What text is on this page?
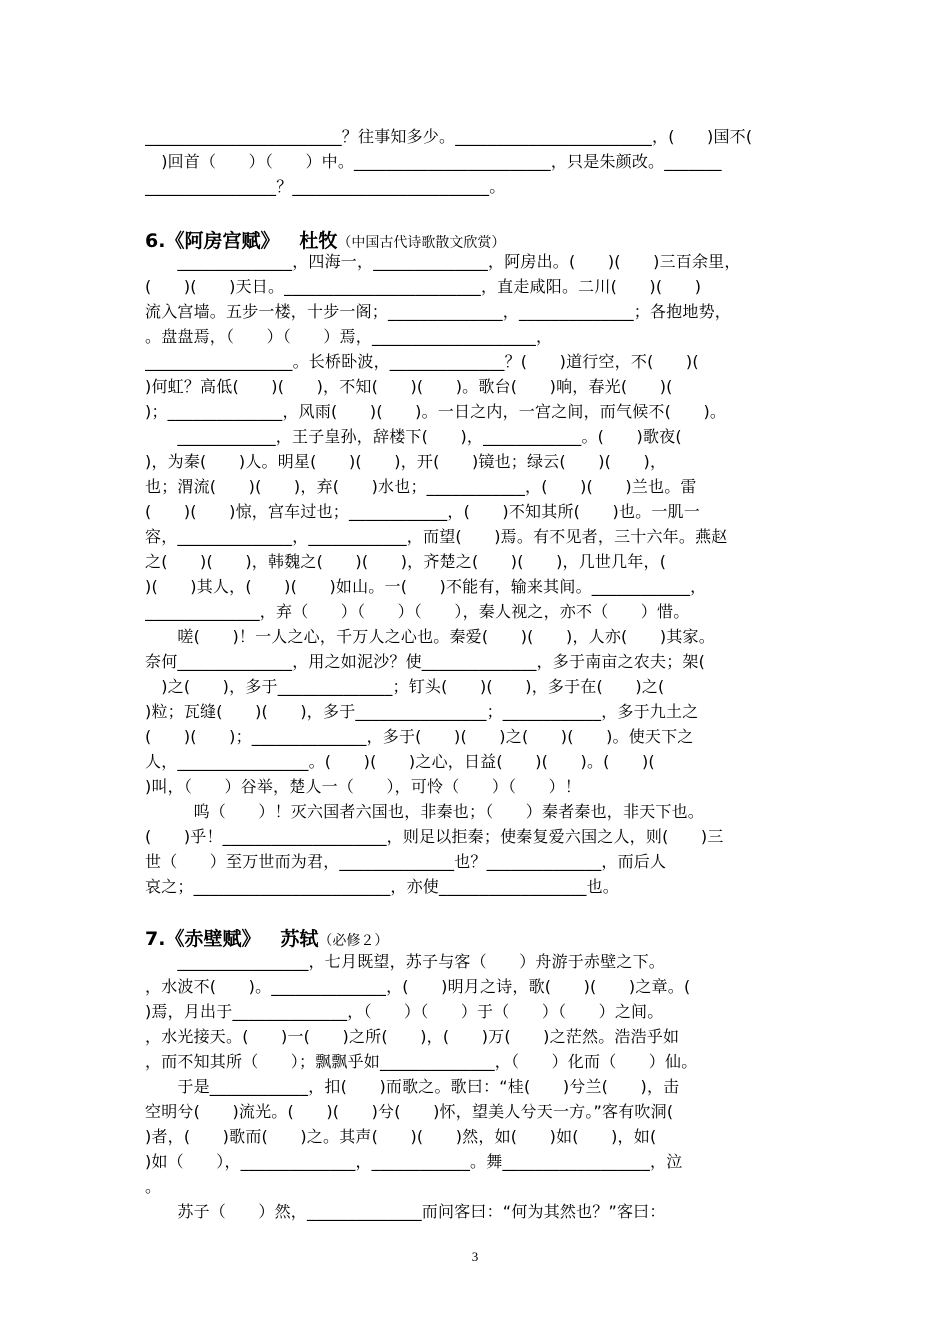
________________________？往事知多少。________________________，(　　)国不(
　)回首（　　）（　　）中。________________________，只是朱颜改。_______
________________？________________________。
6.《阿房宫赋》 杜牧（中国古代诗歌散文欣赏）
　　______________，四海一，______________，阿房出。(　　)(　　)三百余里，
(　　)(　　)天日。________________________，直走咸阳。二川(　　)(　　)
流入宫墙。五步一楼，十步一阁；______________，______________；各抱地势，
。盘盘焉，（　　）（　　）焉，____________________，
__________________。长桥卧波，______________？(　　)道行空，不(　　)(
)何虹？高低(　　)(　　)，不知(　　)(　　)。歌台(　　)响，春光(　　)(
)；______________，风雨(　　)(　　)。一日之内，一宫之间，而气候不(　　)。
　　____________，王子皇孙，辞楼下(　　)，____________。(　　)歌夜(
)，为秦(　　)人。明星(　　)(　　)，开(　　)镜也；绿云(　　)(　　)，
也；渭流(　　)(　　)，弃(　　)水也；____________，(　　)(　　)兰也。雷
(　　)(　　)惊，宫车过也；____________，(　　)不知其所(　　)也。一肌一
容，______________，____________，而望(　　)焉。有不见者，三十六年。燕赵
之(　　)(　　)，韩魏之(　　)(　　)，齐楚之(　　)(　　)，几世几年，(
)(　　)其人，(　　)(　　)如山。一(　　)不能有，输来其间。____________，
______________，弃（　　）（　　）（　　），秦人视之，亦不（　　）惜。
　　嗟(　　)！一人之心，千万人之心也。秦爱(　　)(　　)，人亦(　　)其家。
奈何______________，用之如泥沙？使______________，多于南亩之农夫；架(
　)之(　　)，多于______________；钉头(　　)(　　)，多于在(　　)之(
)粒；瓦缝(　　)(　　)，多于________________；____________，多于九土之
(　　)(　　)；______________，多于(　　)(　　)之(　　)(　　)。使天下之
人，________________。(　　)(　　)之心，日益(　　)(　　)。(　　)(
)叫，（　　）谷举，楚人一（　　），可怜（　　）（　　）！
　　　呜（　　）！灭六国者六国也，非秦也；（　　）秦者秦也，非天下也。
(　　)乎！____________________，则足以拒秦；使秦复爱六国之人，则(　　)三
世（　　）至万世而为君，______________也？______________，而后人
哀之；________________________，亦使__________________也。
7.《赤壁赋》 苏轼（必修２）
　　________________，七月既望，苏子与客（　　）舟游于赤壁之下。
，水波不(　　)。______________，(　　)明月之诗，歌(　　)(　　)之章。(
)焉，月出于______________，（　　）（　　）于（　　）（　　）之间。
，水光接天。(　　)一(　　)之所(　　)，(　　)万(　　)之茫然。浩浩乎如
，而不知其所（　　）；飘飘乎如______________，（　　）化而（　　）仙。
　　于是____________，扣(　　)而歌之。歌曰：“桂(　　)兮兰(　　)，击
空明兮(　　)流光。(　　)(　　)兮(　　)怀，望美人兮天一方。”客有吹洞(
)者，(　　)歌而(　　)之。其声(　　)(　　)然，如(　　)如(　　)，如(
)如（　　），______________，____________。舞__________________，泣
。
　　苏子（　　）然，______________而问客曰：“何为其然也？”客曰：
3
